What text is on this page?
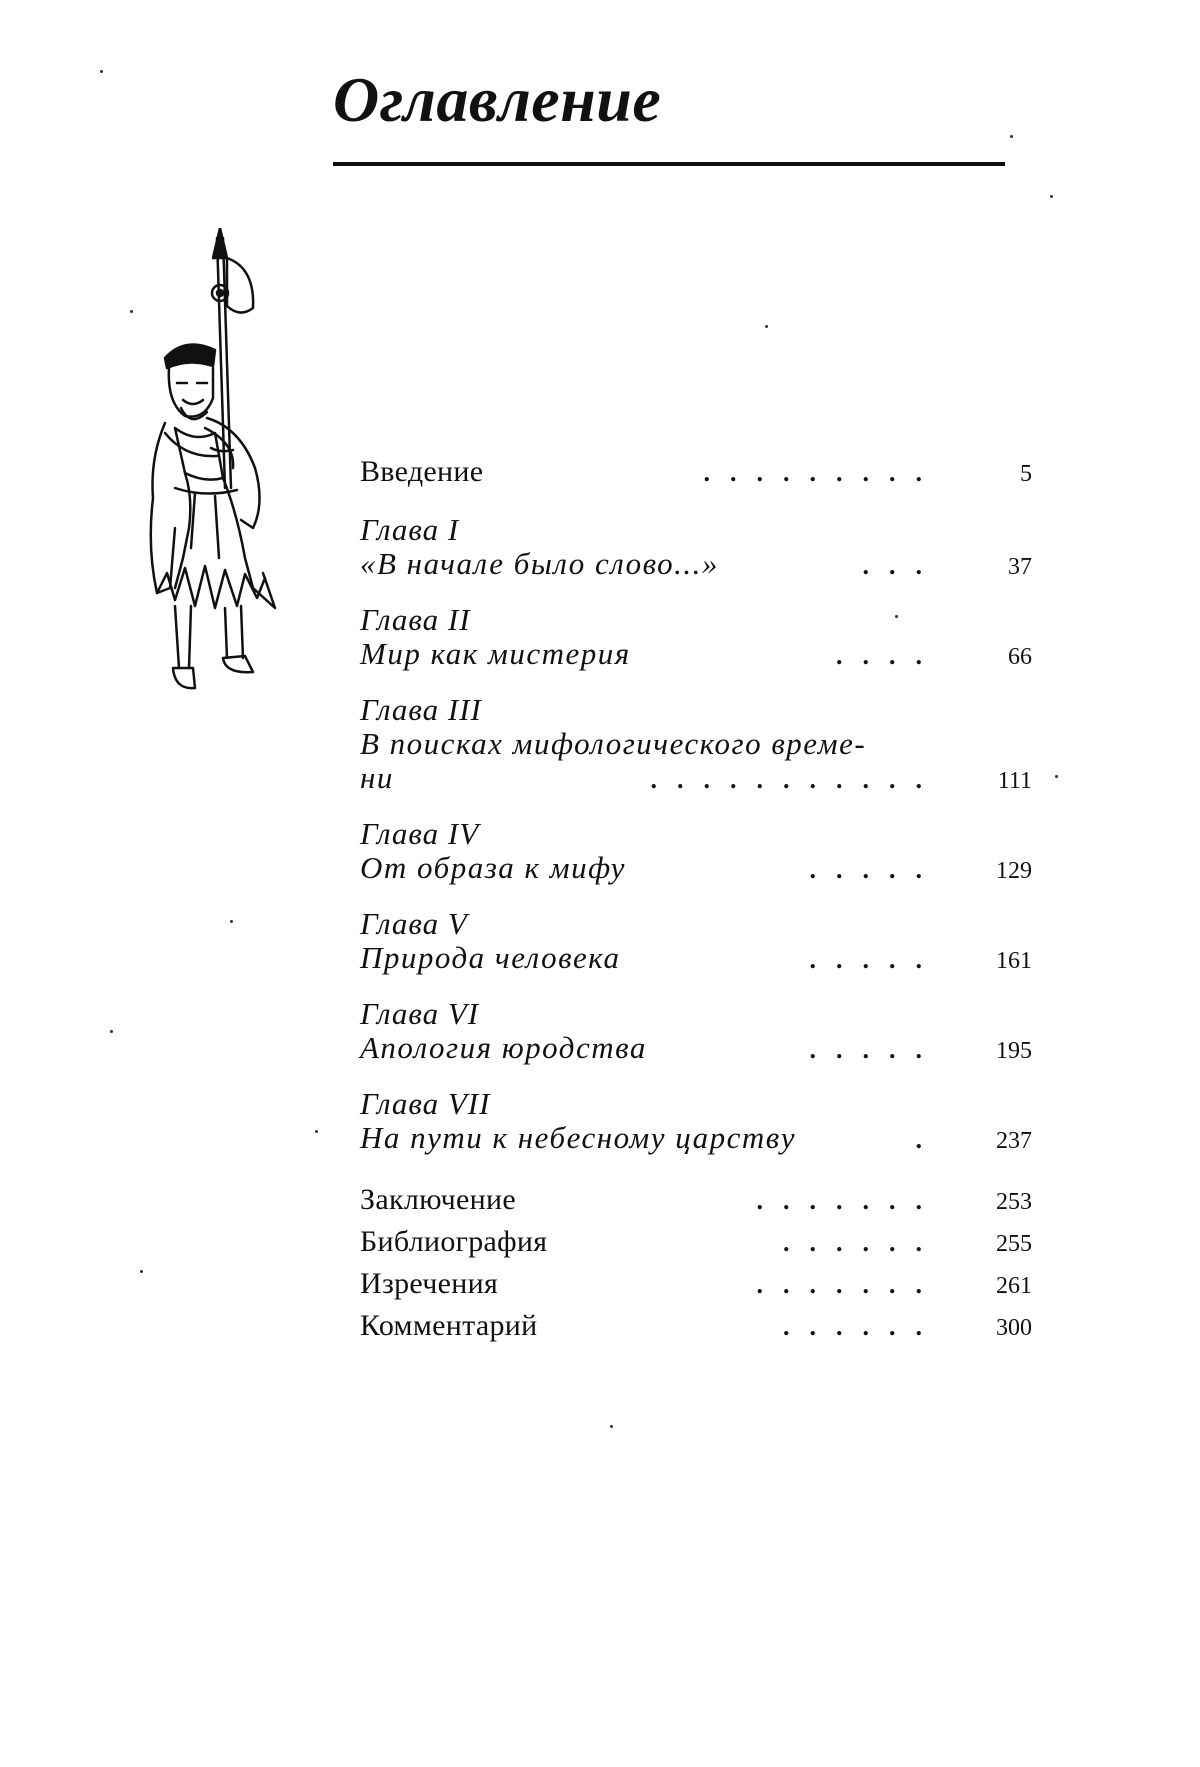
Оглавление
Введение	.........	5
Глава I
«В начале было слово...»	...	37
Глава II
Мир как мистерия	....	66
Глава III
В поисках мифологического време-
ни	...........	111
Глава IV
От образа к мифу	.....	129
Глава V
Природа человека	.....	161
Глава VI
Апология юродства	.....	195
Глава VII
На пути к небесному царству	.	237
Заключение	.......	253
Библиография	......	255
Изречения	.......	261
Комментарий	......	300
